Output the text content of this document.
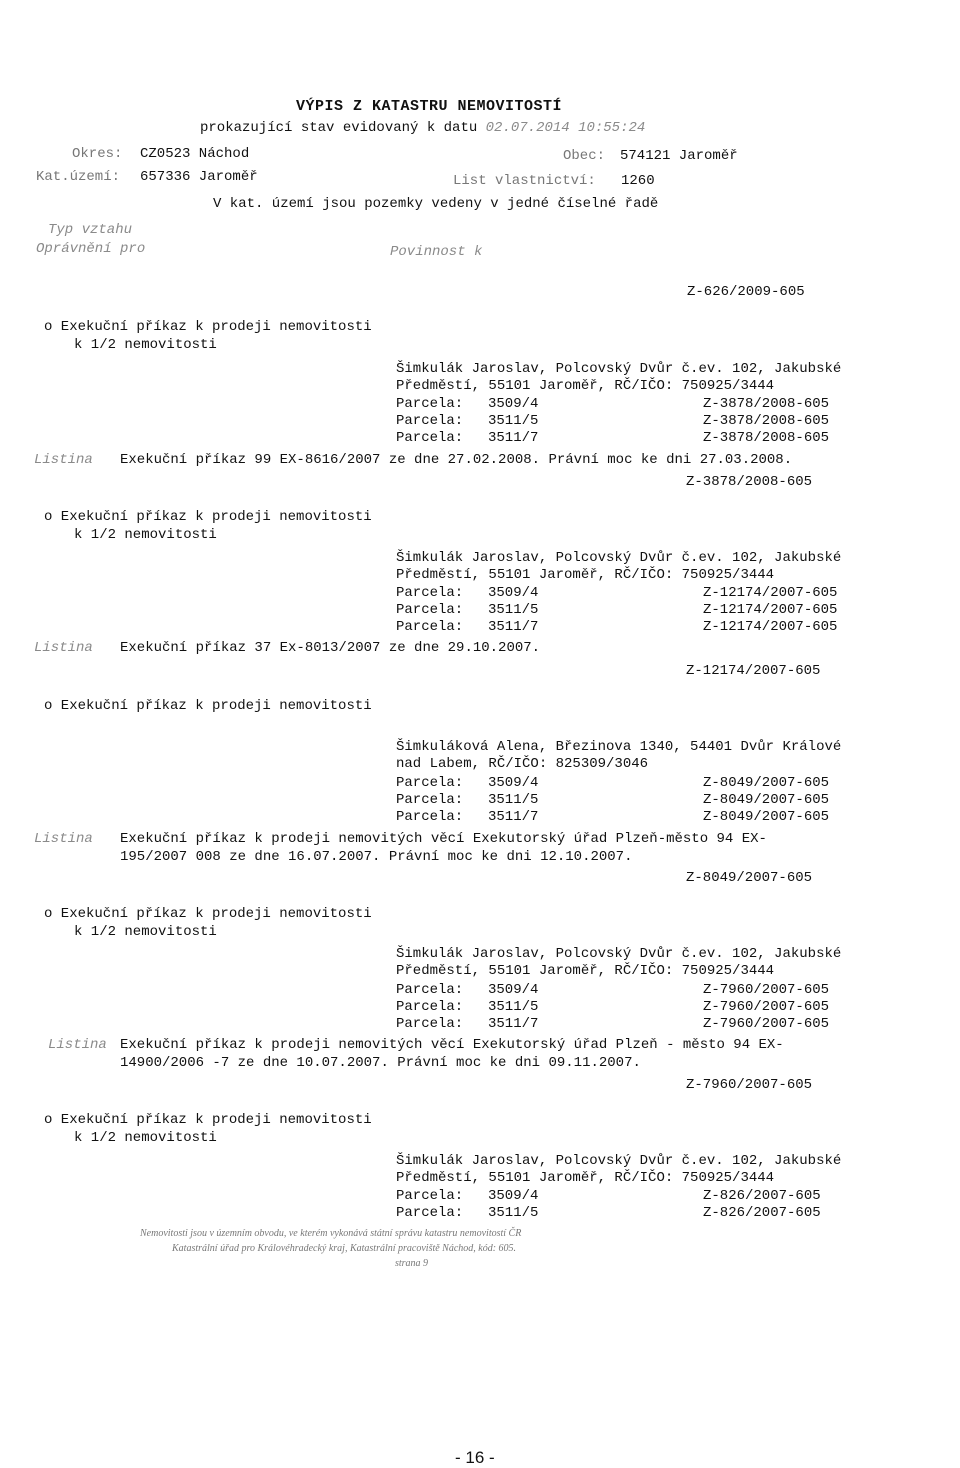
VÝPIS Z KATASTRU NEMOVITOSTÍ
prokazující stav evidovaný k datu 02.07.2014 10:55:24
Okres: CZ0523 Náchod	Obec: 574121 Jaroměř
Kat.území: 657336 Jaroměř	List vlastnictví: 1260
V kat. území jsou pozemky vedeny v jedné číselné řadě
Typ vztahu
Oprávnění pro	Povinnost k
Z-626/2009-605
o Exekuční příkaz k prodeji nemovitosti
k 1/2 nemovitosti
Šimkulák Jaroslav, Polcovský Dvůr č.ev. 102, Jakubské
Předměstí, 55101 Jaroměř, RČ/IČO: 750925/3444
Parcela: 3509/4	Z-3878/2008-605
Parcela: 3511/5	Z-3878/2008-605
Parcela: 3511/7	Z-3878/2008-605
Listina Exekuční příkaz 99 EX-8616/2007 ze dne 27.02.2008. Právní moc ke dni 27.03.2008.
Z-3878/2008-605
o Exekuční příkaz k prodeji nemovitosti
k 1/2 nemovitosti
Šimkulák Jaroslav, Polcovský Dvůr č.ev. 102, Jakubské
Předměstí, 55101 Jaroměř, RČ/IČO: 750925/3444
Parcela: 3509/4	Z-12174/2007-605
Parcela: 3511/5	Z-12174/2007-605
Parcela: 3511/7	Z-12174/2007-605
Listina Exekuční příkaz 37 Ex-8013/2007 ze dne 29.10.2007.
Z-12174/2007-605
o Exekuční příkaz k prodeji nemovitosti
Šimkuláková Alena, Březinova 1340, 54401 Dvůr Králové
nad Labem, RČ/IČO: 825309/3046
Parcela: 3509/4	Z-8049/2007-605
Parcela: 3511/5	Z-8049/2007-605
Parcela: 3511/7	Z-8049/2007-605
Listina Exekuční příkaz k prodeji nemovitých věcí Exekutorský úřad Plzeň-město 94 EX-
195/2007 008 ze dne 16.07.2007. Právní moc ke dni 12.10.2007.
Z-8049/2007-605
o Exekuční příkaz k prodeji nemovitosti
k 1/2 nemovitosti
Šimkulák Jaroslav, Polcovský Dvůr č.ev. 102, Jakubské
Předměstí, 55101 Jaroměř, RČ/IČO: 750925/3444
Parcela: 3509/4	Z-7960/2007-605
Parcela: 3511/5	Z-7960/2007-605
Parcela: 3511/7	Z-7960/2007-605
Listina Exekuční příkaz k prodeji nemovitých věcí Exekutorský úřad Plzeň - město 94 EX-
14900/2006 -7 ze dne 10.07.2007. Právní moc ke dni 09.11.2007.
Z-7960/2007-605
o Exekuční příkaz k prodeji nemovitosti
k 1/2 nemovitosti
Šimkulák Jaroslav, Polcovský Dvůr č.ev. 102, Jakubské
Předměstí, 55101 Jaroměř, RČ/IČO: 750925/3444
Parcela: 3509/4	Z-826/2007-605
Parcela: 3511/5	Z-826/2007-605
Nemovitosti jsou v územním obvodu, ve kterém vykonává státní správu katastru nemovitostí ČR
Katastrální úřad pro Královéhradecký kraj, Katastrální pracoviště Náchod, kód: 605.
strana 9
- 16 -
